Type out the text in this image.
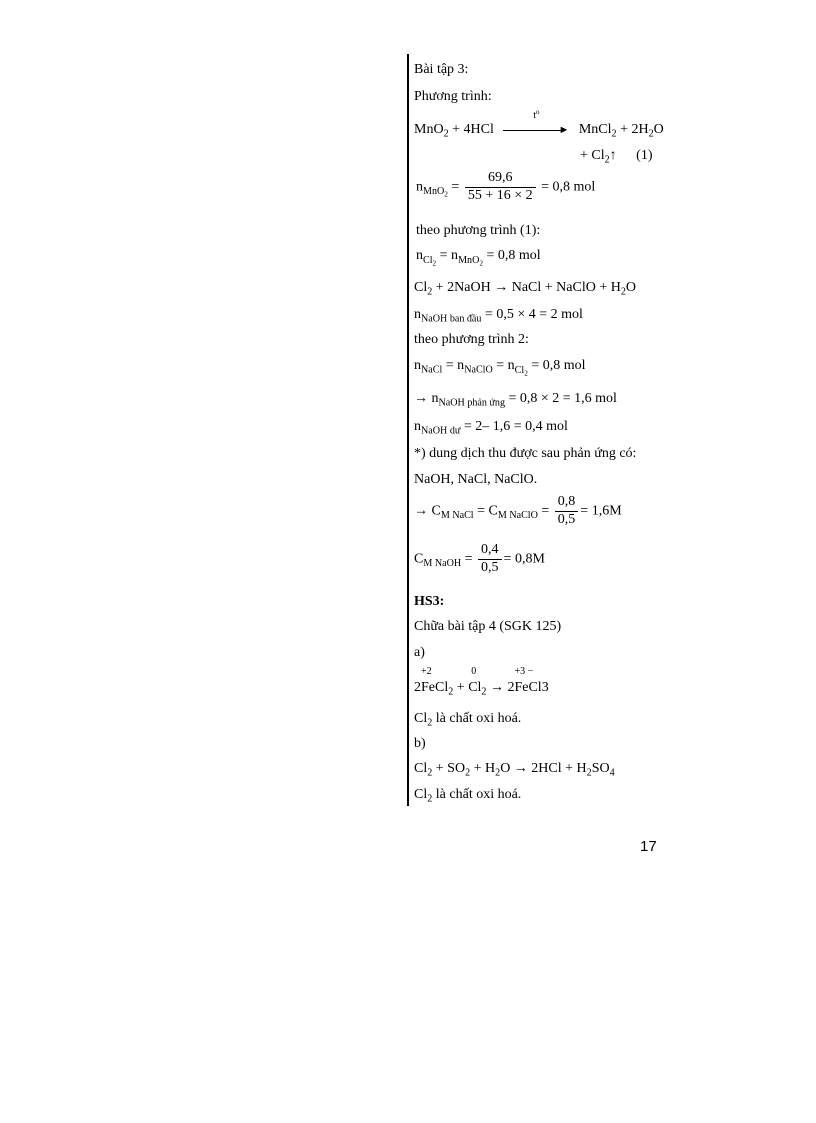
Bài tập 3:
Phương trình:
MnO$_2$ + 4HCl
$t^o$
► MnCl$_2$ + $2H_2O$
+ $Cl_2↑$ (1)
$n_{MnO_2} = \frac{69,6}{55 + 16 \times 2} = 0,8$ mol
theo phương trình (1):
$n_{Cl_2} = n_{MnO_2} = 0,8$ mol
$Cl_2$ + 2NaOH → NaCl + NaClO + $H_2O$
$n_{NaOH ban đầu} = 0,5 \times 4 = 2$ mol
theo phương trình 2:
$n_{NaCl} = n_{NaClO} = n_{Cl_2} = 0,8$ mol
→ $n_{NaOH phản ứng} = 0,8 \times 2 = 1,6$ mol
$n_{NaOH dư} = 2-$ 1,6 = 0,4 mol
*) dung dịch thu được sau phản ứng có:
NaOH, NaCl, NaClO.
→ $C_{M NaCl} = C_{M NaClO} = \frac{0,8}{0,5} = 1,6M$
$C_{M NaOH} = \frac{0,4}{0,5} = 0,8M$
HS3:
Chữa bài tập 4 (SGK 125)
a)
2
+2
FeCl$_2$ +
0
$Cl_2 \to 2$
+3 −
FeCl3
$Cl_2$ là chất oxi hoá.
b)
$Cl_2 + SO_2 + H_2O \to 2HCl + H_2SO_4$
$Cl_2$ là chất oxi hoá.
17
